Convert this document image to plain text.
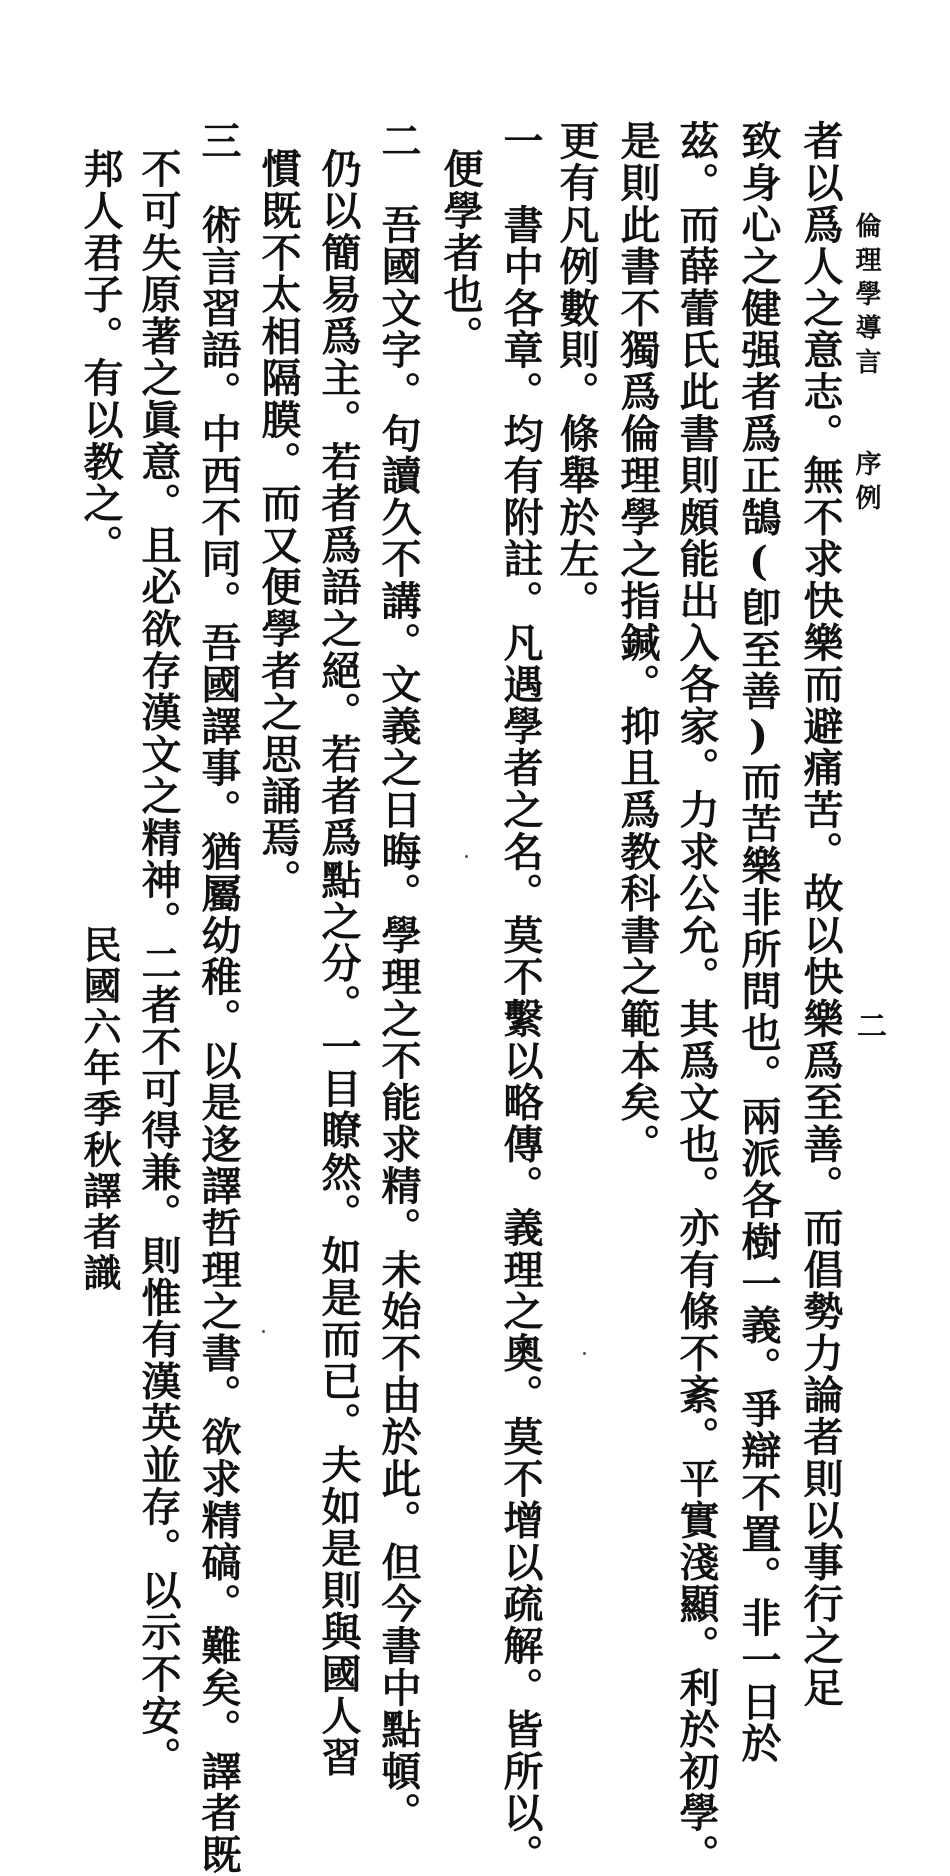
倫理學導言
序例
二
者以爲人之意志。無不求快樂而避痛苦。故以快樂爲至善。而倡勢力論者則以事行之足
致身心之健强者爲正鵠(卽至善)而苦樂非所問也。兩派各樹一義。爭辯不置。非一日於
茲。而薛蕾氏此書則頗能出入各家。力求公允。其爲文也。亦有條不紊。平實淺顯。利於初學。
是則此書不獨爲倫理學之指鍼。抑且爲教科書之範本矣。
更有凡例數則。條舉於左。
一　書中各章。均有附註。凡遇學者之名。莫不繫以略傳。義理之奧。莫不增以疏解。皆所以。
便學者也。
二　吾國文字。句讀久不講。文義之日晦。學理之不能求精。未始不由於此。但今書中點頓。
仍以簡易爲主。若者爲語之絕。若者爲點之分。一目瞭然。如是而已。夫如是則與國人習
慣既不太相隔膜。而又便學者之思誦焉。
三　術言習語。中西不同。吾國譯事。猶屬幼稚。以是迻譯哲理之書。欲求精碻。難矣。譯者既
不可失原著之眞意。且必欲存漢文之精神。二者不可得兼。則惟有漢英並存。以示不安。
邦人君子。有以教之。
民國六年季秋譯者識
